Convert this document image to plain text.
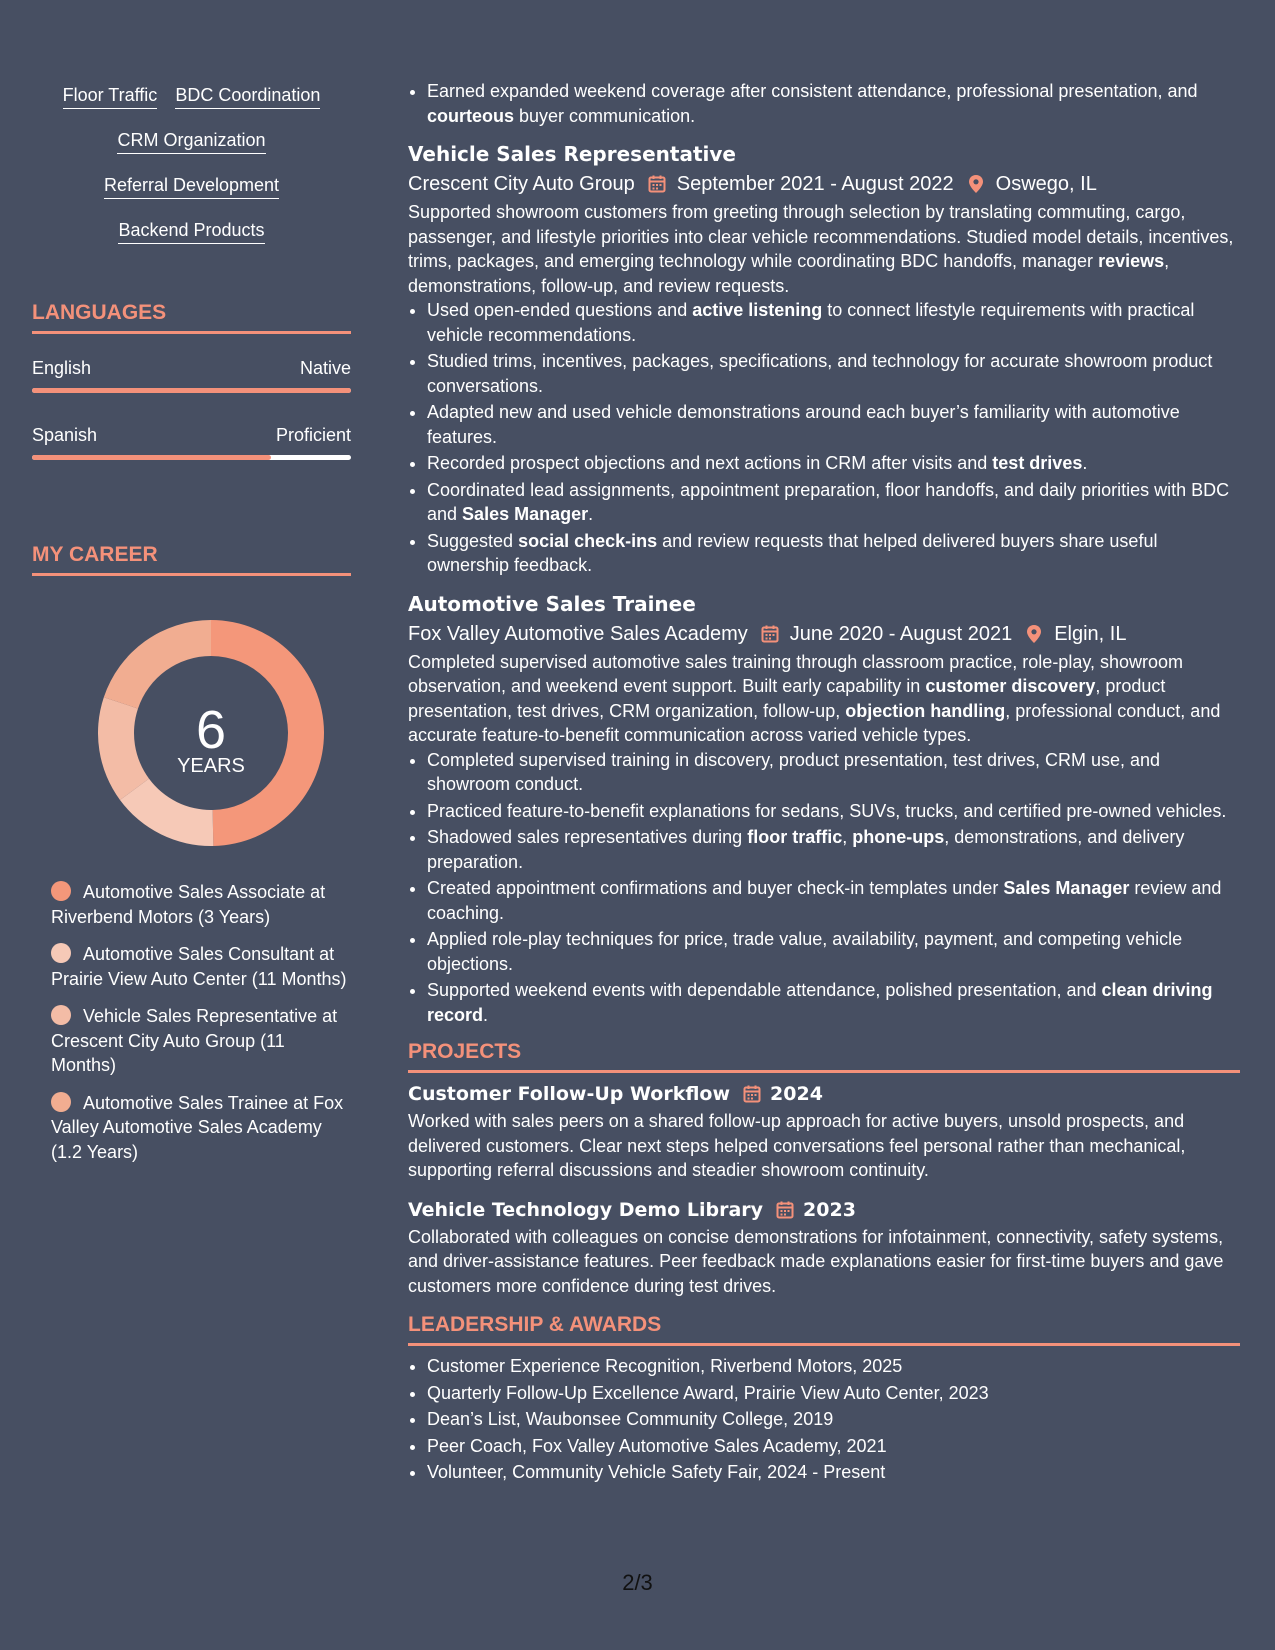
Floor Traffic BDC Coordination
CRM Organization
Referral Development
Backend Products
LANGUAGES
English	Native
Spanish	Proficient
MY CAREER
6
YEARS
Automotive Sales Associate at Riverbend Motors (3 Years)
Automotive Sales Consultant at Prairie View Auto Center (11 Months)
Vehicle Sales Representative at Crescent City Auto Group (11 Months)
Automotive Sales Trainee at Fox Valley Automotive Sales Academy (1.2 Years)
• Earned expanded weekend coverage after consistent attendance, professional presentation, and courteous buyer communication.
Vehicle Sales Representative
Crescent City Auto Group September 2021 - August 2022 Oswego, IL

Supported showroom customers from greeting through selection by translating commuting, cargo, passenger, and lifestyle priorities into clear vehicle recommendations. Studied model details, incentives, trims, packages, and emerging technology while coordinating BDC handoffs, manager reviews, demonstrations, follow-up, and review requests.

• Used open-ended questions and active listening to connect lifestyle requirements with practical vehicle recommendations.
• Studied trims, incentives, packages, specifications, and technology for accurate showroom product conversations.
• Adapted new and used vehicle demonstrations around each buyer’s familiarity with automotive features.
• Recorded prospect objections and next actions in CRM after visits and test drives.
• Coordinated lead assignments, appointment preparation, floor handoffs, and daily priorities with BDC and Sales Manager.
• Suggested social check-ins and review requests that helped delivered buyers share useful ownership feedback.
Automotive Sales Trainee
Fox Valley Automotive Sales Academy June 2020 - August 2021 Elgin, IL

Completed supervised automotive sales training through classroom practice, role-play, showroom observation, and weekend event support. Built early capability in customer discovery, product presentation, test drives, CRM organization, follow-up, objection handling, professional conduct, and accurate feature-to-benefit communication across varied vehicle types.

• Completed supervised training in discovery, product presentation, test drives, CRM use, and showroom conduct.
• Practiced feature-to-benefit explanations for sedans, SUVs, trucks, and certified pre-owned vehicles.
• Shadowed sales representatives during floor traffic, phone-ups, demonstrations, and delivery preparation.
• Created appointment confirmations and buyer check-in templates under Sales Manager review and coaching.
• Applied role-play techniques for price, trade value, availability, payment, and competing vehicle objections.
• Supported weekend events with dependable attendance, polished presentation, and clean driving record.
PROJECTS
Customer Follow-Up Workflow 2024

Worked with sales peers on a shared follow-up approach for active buyers, unsold prospects, and delivered customers. Clear next steps helped conversations feel personal rather than mechanical, supporting referral discussions and steadier showroom continuity.

Vehicle Technology Demo Library 2023

Collaborated with colleagues on concise demonstrations for infotainment, connectivity, safety systems, and driver-assistance features. Peer feedback made explanations easier for first-time buyers and gave customers more confidence during test drives.

LEADERSHIP & AWARDS
• Customer Experience Recognition, Riverbend Motors, 2025
• Quarterly Follow-Up Excellence Award, Prairie View Auto Center, 2023
• Dean’s List, Waubonsee Community College, 2019
• Peer Coach, Fox Valley Automotive Sales Academy, 2021
• Volunteer, Community Vehicle Safety Fair, 2024 - Present
2/3
